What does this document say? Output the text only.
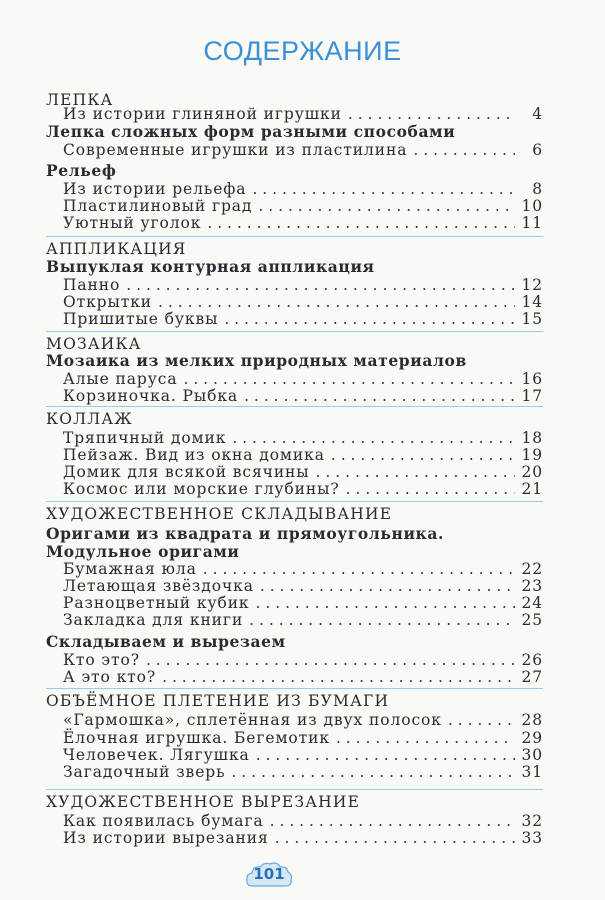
СОДЕРЖАНИЕ
ЛЕПКА
Из истории глиняной игрушки . . .	4
Лепка сложных форм разными способами
Современные игрушки из пластилина . . .	6
Рельеф
Из истории рельефа . . .	8
Пластилиновый град . . .	10
Уютный уголок . . .	11
АППЛИКАЦИЯ
Выпуклая контурная аппликация
Панно . . .	12
Открытки . . .	14
Пришитые буквы . . .	15
МОЗАИКА
Мозаика из мелких природных материалов
Алые паруса . . .	16
Корзиночка. Рыбка . . .	17
КОЛЛАЖ
Тряпичный домик . . .	18
Пейзаж. Вид из окна домика . . .	19
Домик для всякой всячины . . .	20
Космос или морские глубины? . . .	21
ХУДОЖЕСТВЕННОЕ СКЛАДЫВАНИЕ
Оригами из квадрата и прямоугольника.
Модульное оригами
Бумажная юла . . .	22
Летающая звёздочка . . .	23
Разноцветный кубик . . .	24
Закладка для книги . . .	25
Складываем и вырезаем
Кто это? . . .	26
А это кто? . . .	27
ОБЪЁМНОЕ ПЛЕТЕНИЕ ИЗ БУМАГИ
«Гармошка», сплетённая из двух полосок . . .	28
Ёлочная игрушка. Бегемотик . . .	29
Человечек. Лягушка . . .	30
Загадочный зверь . . .	31
ХУДОЖЕСТВЕННОЕ ВЫРЕЗАНИЕ
Как появилась бумага . . .	32
Из истории вырезания . . .	33
101
